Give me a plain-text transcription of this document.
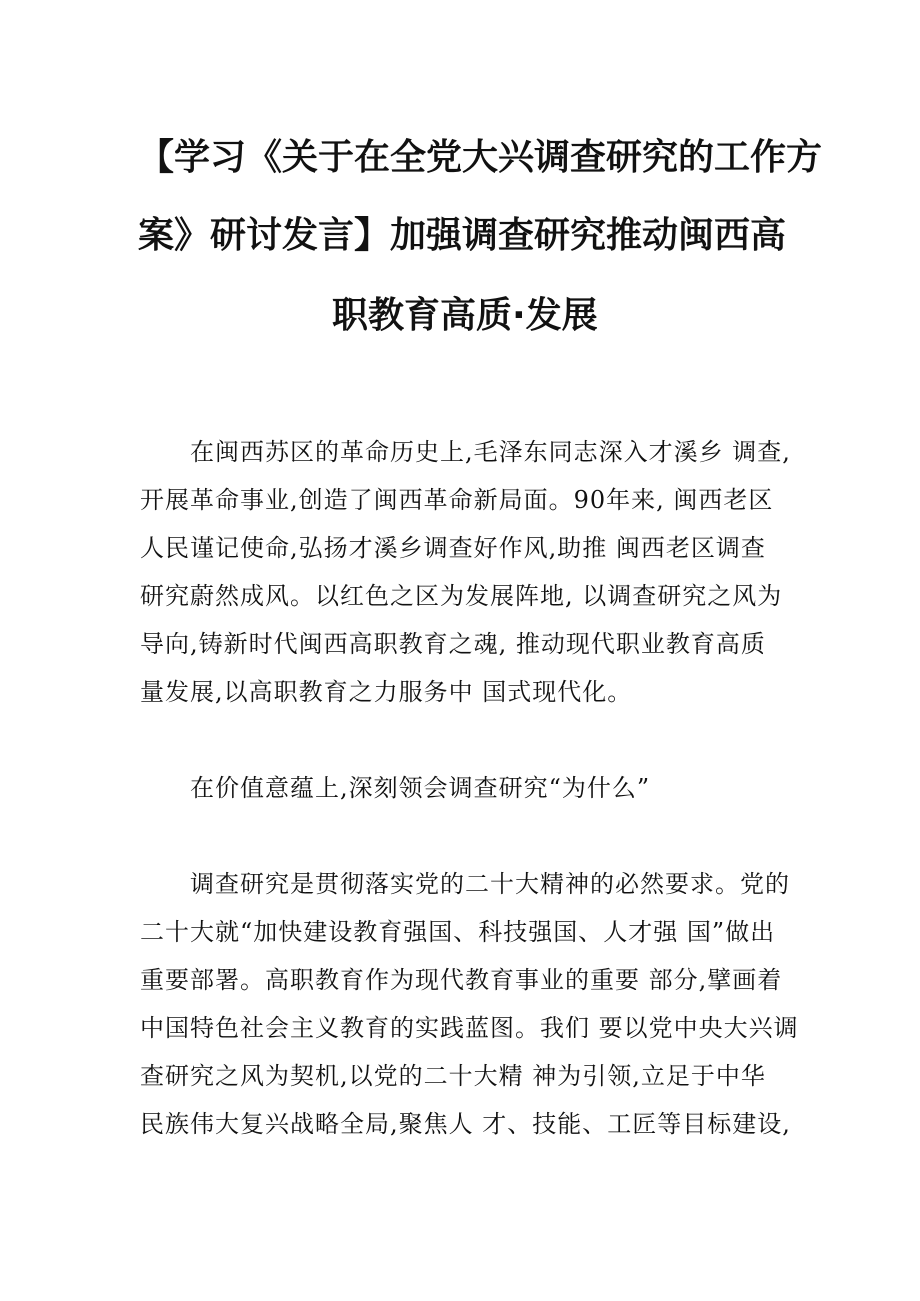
【学习《关于在全党大兴调查研究的工作方
案》研讨发言】加强调查研究推动闽西高
职教育高质·发展
在闽西苏区的革命历史上,毛泽东同志深入才溪乡 调查,
开展革命事业,创造了闽西革命新局面。90年来, 闽西老区
人民谨记使命,弘扬才溪乡调查好作风,助推 闽西老区调查
研究蔚然成风。以红色之区为发展阵地, 以调查研究之风为
导向,铸新时代闽西高职教育之魂, 推动现代职业教育高质
量发展,以高职教育之力服务中 国式现代化。
在价值意蕴上,深刻领会调查研究“为什么”
调查研究是贯彻落实党的二十大精神的必然要求。党的
二十大就“加快建设教育强国、科技强国、人才强 国”做出
重要部署。高职教育作为现代教育事业的重要 部分,擘画着
中国特色社会主义教育的实践蓝图。我们 要以党中央大兴调
查研究之风为契机,以党的二十大精 神为引领,立足于中华
民族伟大复兴战略全局,聚焦人 才、技能、工匠等目标建设,
